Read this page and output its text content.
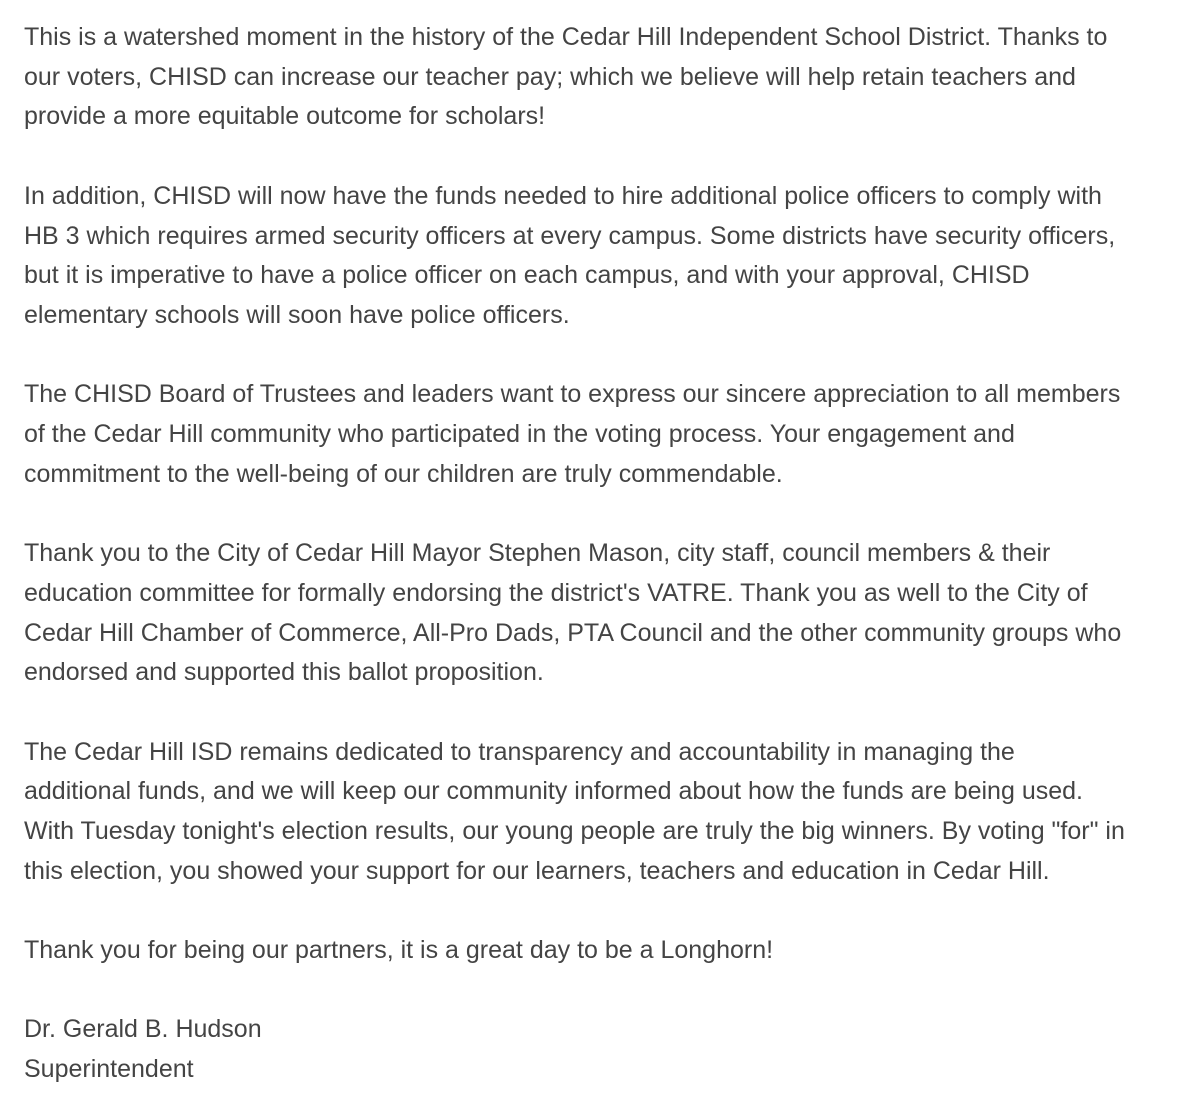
This is a watershed moment in the history of the Cedar Hill Independent School District. Thanks to
our voters, CHISD can increase our teacher pay; which we believe will help retain teachers and
provide a more equitable outcome for scholars!

In addition, CHISD will now have the funds needed to hire additional police officers to comply with
HB 3 which requires armed security officers at every campus. Some districts have security officers,
but it is imperative to have a police officer on each campus, and with your approval, CHISD
elementary schools will soon have police officers.

The CHISD Board of Trustees and leaders want to express our sincere appreciation to all members
of the Cedar Hill community who participated in the voting process. Your engagement and
commitment to the well-being of our children are truly commendable.

Thank you to the City of Cedar Hill Mayor Stephen Mason, city staff, council members & their
education committee for formally endorsing the district's VATRE. Thank you as well to the City of
Cedar Hill Chamber of Commerce, All-Pro Dads, PTA Council and the other community groups who
endorsed and supported this ballot proposition.

The Cedar Hill ISD remains dedicated to transparency and accountability in managing the
additional funds, and we will keep our community informed about how the funds are being used.
With Tuesday tonight's election results, our young people are truly the big winners. By voting "for" in
this election, you showed your support for our learners, teachers and education in Cedar Hill.

Thank you for being our partners, it is a great day to be a Longhorn!

Dr. Gerald B. Hudson
Superintendent
